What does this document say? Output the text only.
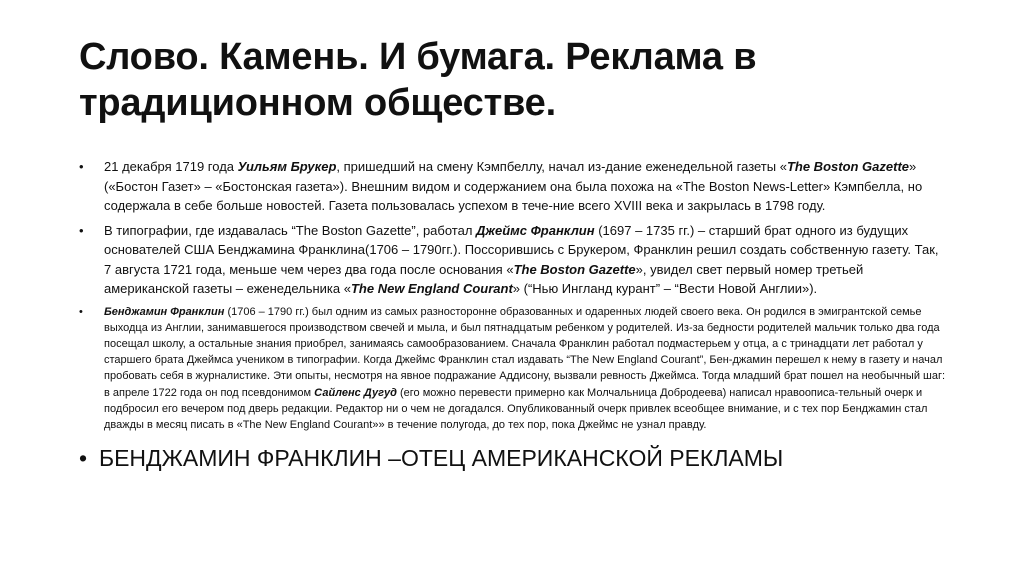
Слово. Камень. И бумага. Реклама в традиционном обществе.
• 21 декабря 1719 года Уильям Брукер, пришедший на смену Кэмпбеллу, начал из-дание еженедельной газеты «The Boston Gazette» («Бостон Газет» – «Бостонская газета»). Внешним видом и содержанием она была похожа на «The Boston News-Letter» Кэмпбелла, но содержала в себе больше новостей. Газета пользовалась успехом в тече-ние всего XVIII века и закрылась в 1798 году.
• В типографии, где издавалась “The Boston Gazette”, работал Джеймс Франклин (1697 – 1735 гг.) – старший брат одного из будущих основателей США Бенджамина Франклина(1706 – 1790гг.). Поссорившись с Брукером, Франклин решил создать собственную газету. Так, 7 августа 1721 года, меньше чем через два года после основания «The Boston Gazette», увидел свет первый номер третьей американской газеты – еженедельника «The New England Courant» (“Нью Ингланд курант” – “Вести Новой Англии»).
• Бенджамин Франклин (1706 – 1790 гг.) был одним из самых разносторонне образованных и одаренных людей своего века. Он родился в эмигрантской семье выходца из Англии, занимавшегося производством свечей и мыла, и был пятнадцатым ребенком у родителей. Из-за бедности родителей мальчик только два года посещал школу, а остальные знания приобрел, занимаясь самообразованием. Сначала Франклин работал подмастерьем у отца, а с тринадцати лет работал у старшего брата Джеймса учеником в типографии. Когда Джеймс Франклин стал издавать “The New England Courant”, Бен-джамин перешел к нему в газету и начал пробовать себя в журналистике. Эти опыты, несмотря на явное подражание Аддисону, вызвали ревность Джеймса. Тогда младший брат пошел на необычный шаг: в апреле 1722 года он под псевдонимом Сайленс Дугуд (его можно перевести примерно как Молчальница Добродеева) написал нравоописа-тельный очерк и подбросил его вечером под дверь редакции. Редактор ни о чем не догадался. Опубликованный очерк привлек всеобщее внимание, и с тех пор Бенджамин стал дважды в месяц писать в «The New England Courant»» в течение полугода, до тех пор, пока Джеймс не узнал правду.
• БЕНДЖАМИН ФРАНКЛИН –ОТЕЦ АМЕРИКАНСКОЙ РЕКЛАМЫ
